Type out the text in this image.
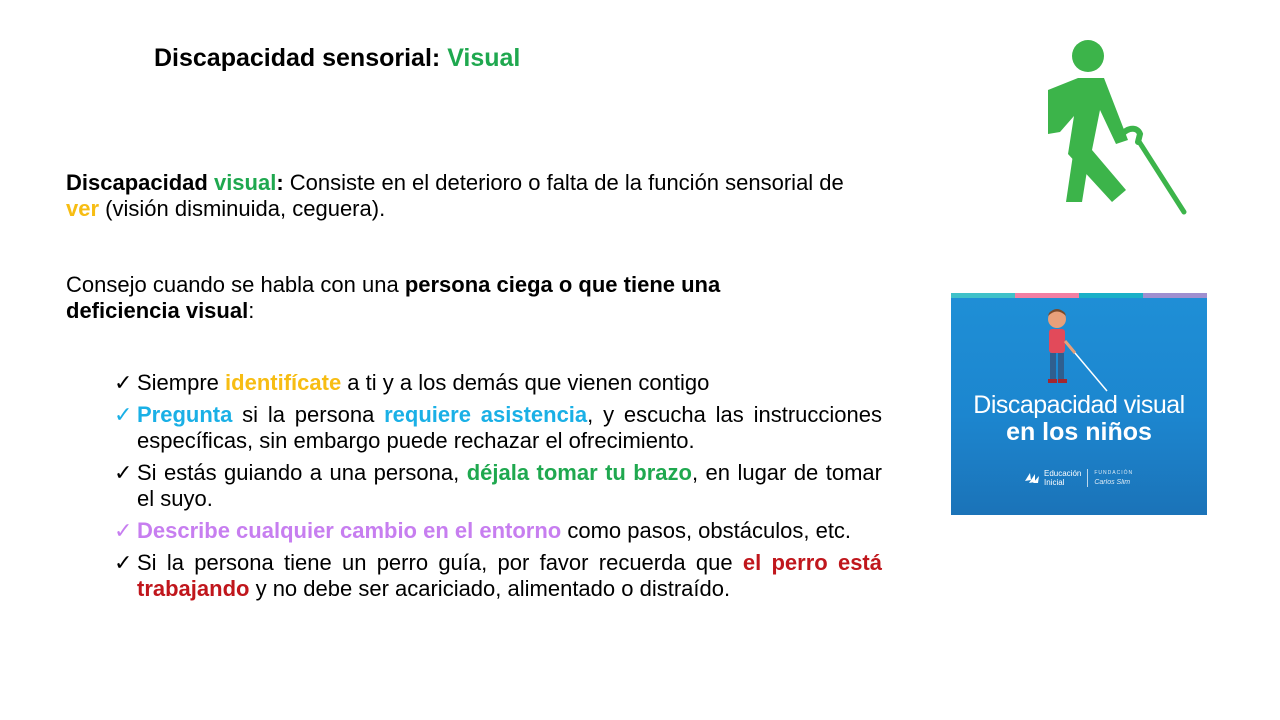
Discapacidad sensorial: Visual

Discapacidad visual: Consiste en el deterioro o falta de la función sensorial de ver (visión disminuida, ceguera).

Consejo cuando se habla con una persona ciega o que tiene una deficiencia visual:

✓ Siempre identifícate a ti y a los demás que vienen contigo
✓ Pregunta si la persona requiere asistencia, y escucha las instrucciones específicas, sin embargo puede rechazar el ofrecimiento.
✓ Si estás guiando a una persona, déjala tomar tu brazo, en lugar de tomar el suyo.
✓ Describe cualquier cambio en el entorno como pasos, obstáculos, etc.
✓ Si la persona tiene un perro guía, por favor recuerda que el perro está trabajando y no debe ser acariciado, alimentado o distraído.
Discapacidad visual
en los niños
Educación
Inicial
FUNDACIÓN
Carlos Slim
